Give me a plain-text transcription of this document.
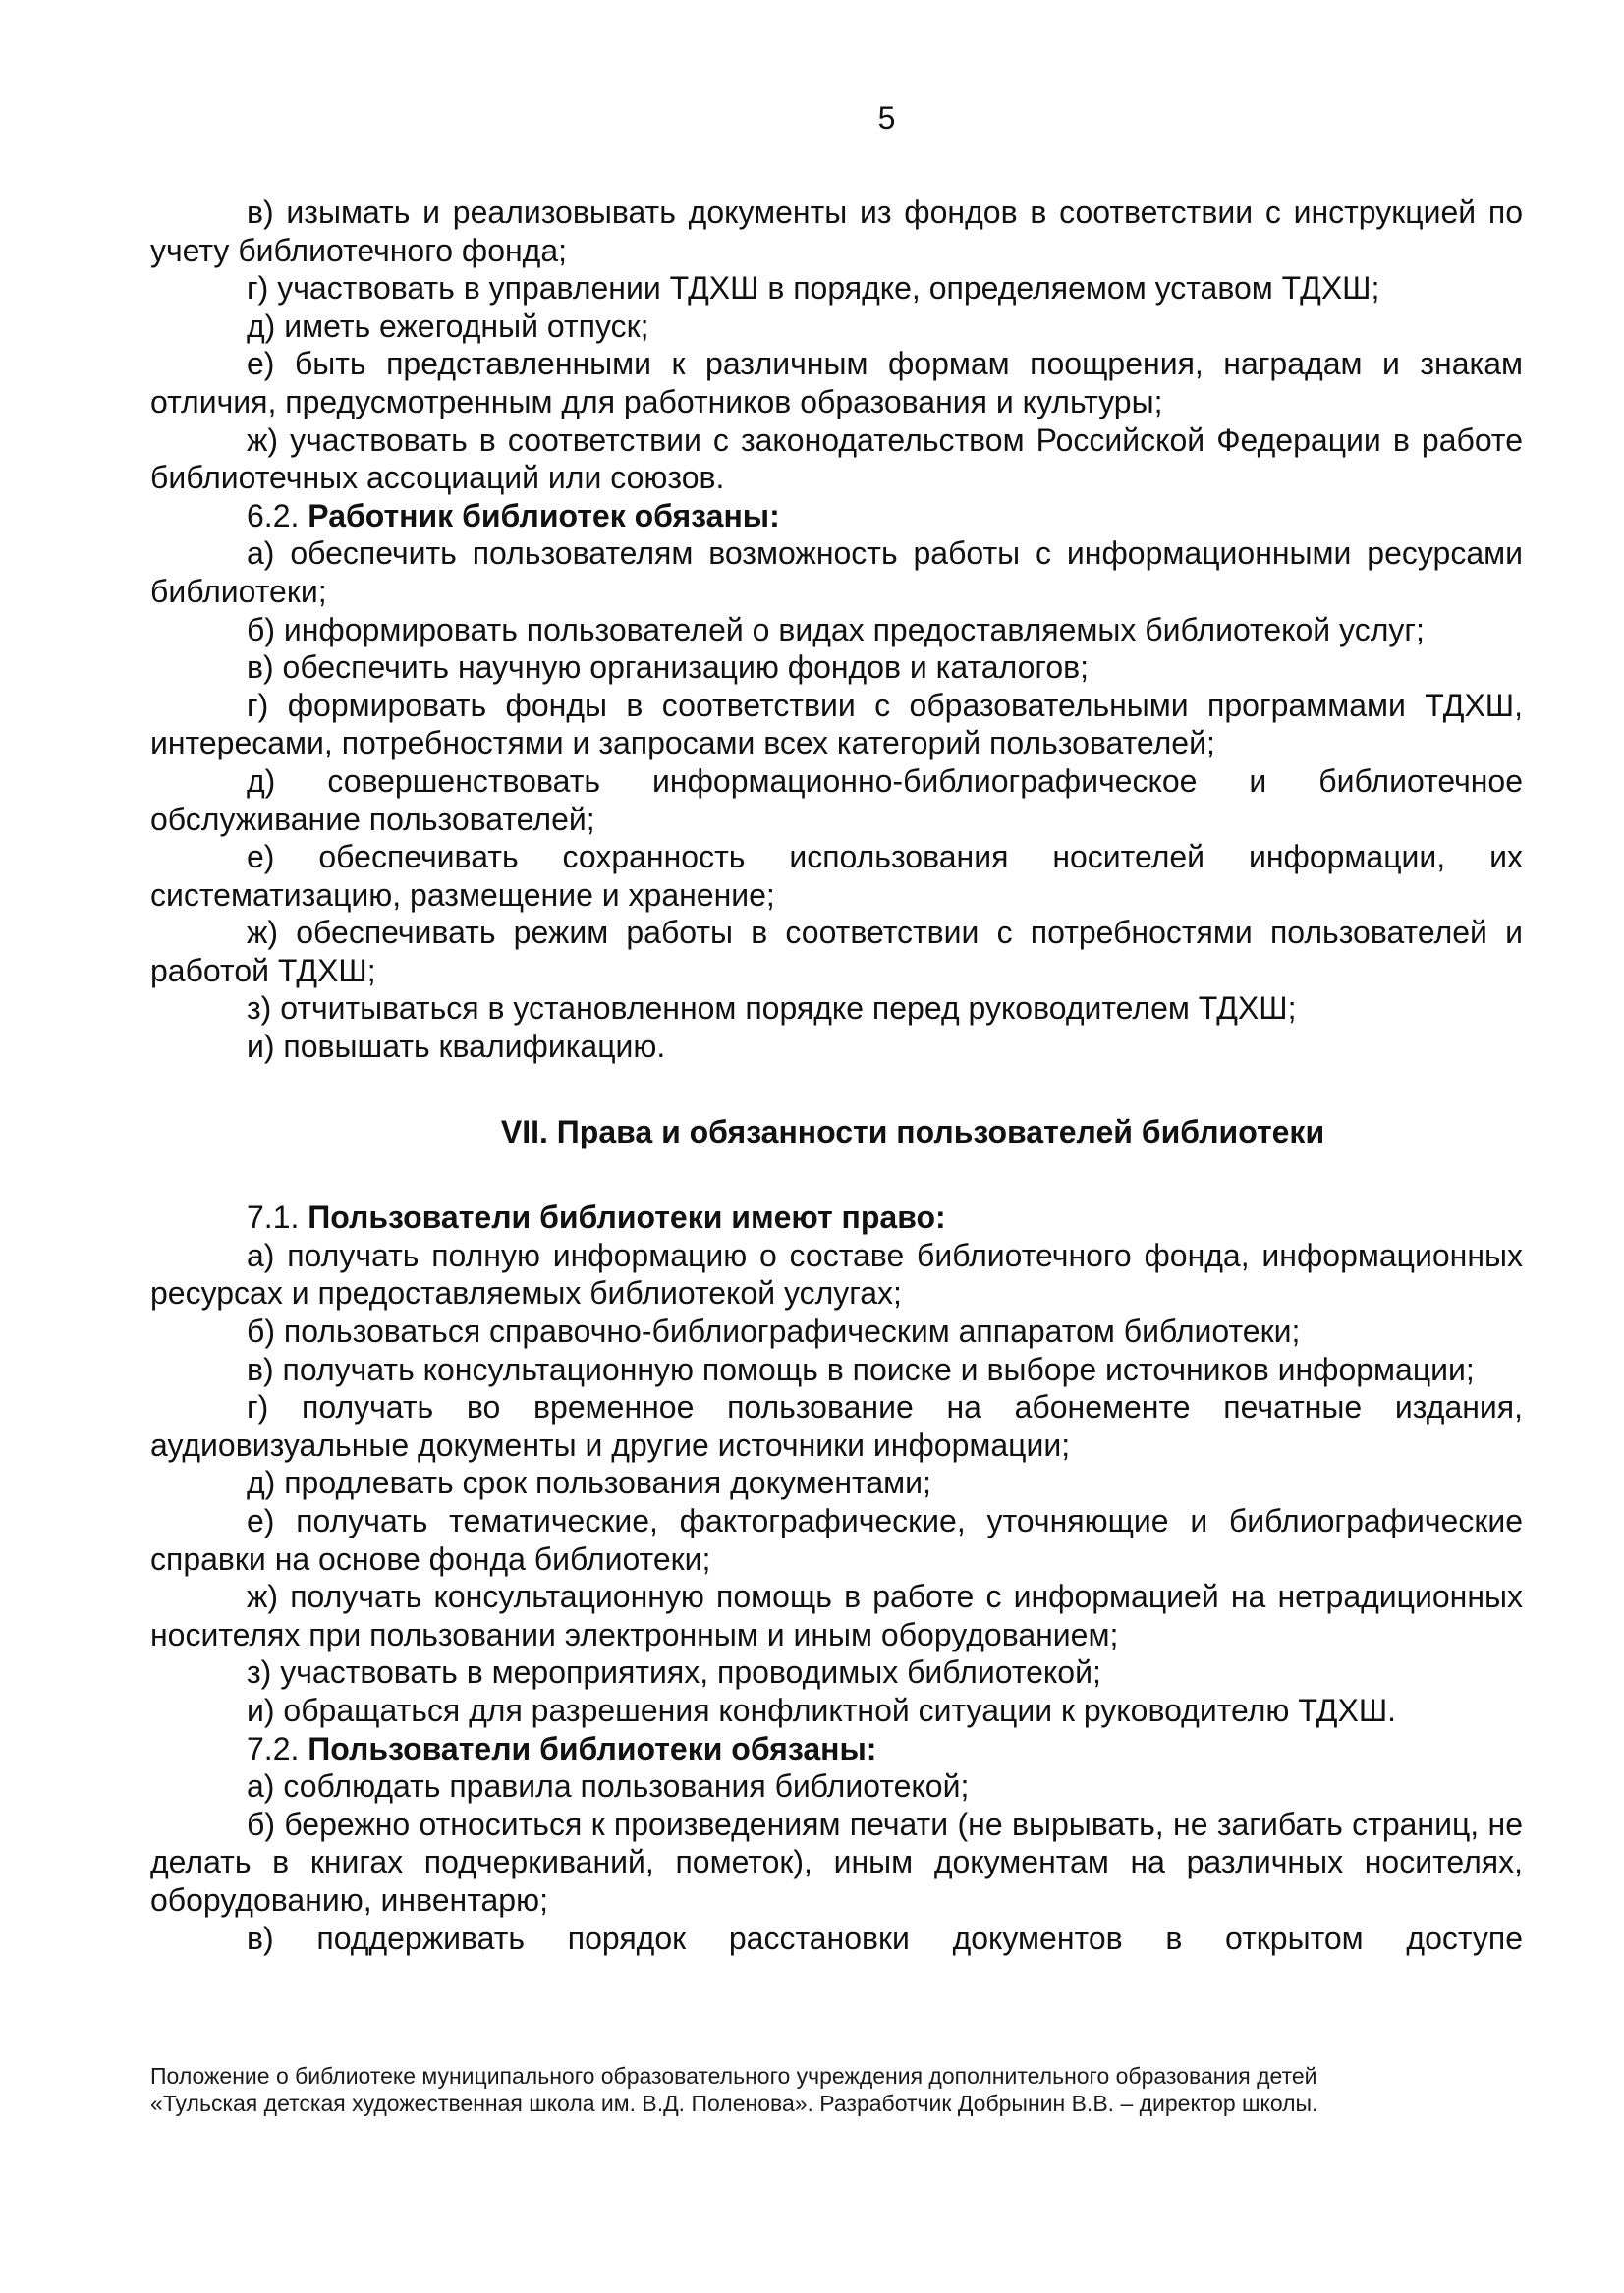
5

в) изымать и реализовывать документы из фондов в соответствии с инструкцией по учету библиотечного фонда;

г) участвовать в управлении ТДХШ в порядке, определяемом уставом ТДХШ;

д) иметь ежегодный отпуск;

е) быть представленными к различным формам поощрения, наградам и знакам отличия, предусмотренным для работников образования и культуры;

ж) участвовать в соответствии с законодательством Российской Федерации в работе библиотечных ассоциаций или союзов.

6.2. Работник библиотек обязаны:

а) обеспечить пользователям возможность работы с информационными ресурсами библиотеки;

б) информировать пользователей о видах предоставляемых библиотекой услуг;

в) обеспечить научную организацию фондов и каталогов;

г) формировать фонды в соответствии с образовательными программами ТДХШ, интересами, потребностями и запросами всех категорий пользователей;

д) совершенствовать информационно-библиографическое и библиотечное обслуживание пользователей;

е) обеспечивать сохранность использования носителей информации, их систематизацию, размещение и хранение;

ж) обеспечивать режим работы в соответствии с потребностями пользователей и работой ТДХШ;

з) отчитываться в установленном порядке перед руководителем ТДХШ;

и) повышать квалификацию.

VII. Права и обязанности пользователей библиотеки

7.1. Пользователи библиотеки имеют право:

а) получать полную информацию о составе библиотечного фонда, информационных ресурсах и предоставляемых библиотекой услугах;

б) пользоваться справочно-библиографическим аппаратом библиотеки;

в) получать консультационную помощь в поиске и выборе источников информации;

г) получать во временное пользование на абонементе печатные издания, аудиовизуальные документы и другие источники информации;

д) продлевать срок пользования документами;

е) получать тематические, фактографические, уточняющие и библиографические справки на основе фонда библиотеки;

ж) получать консультационную помощь в работе с информацией на нетрадиционных носителях при пользовании электронным и иным оборудованием;

з) участвовать в мероприятиях, проводимых библиотекой;

и) обращаться для разрешения конфликтной ситуации к руководителю ТДХШ.

7.2. Пользователи библиотеки обязаны:

а) соблюдать правила пользования библиотекой;

б) бережно относиться к произведениям печати (не вырывать, не загибать страниц, не делать в книгах подчеркиваний, пометок), иным документам на различных носителях, оборудованию, инвентарю;

в) поддерживать порядок расстановки документов в открытом доступе

Положение о библиотеке муниципального образовательного учреждения дополнительного образования детей
«Тульская детская художественная школа им. В.Д. Поленова». Разработчик Добрынин В.В. – директор школы.
